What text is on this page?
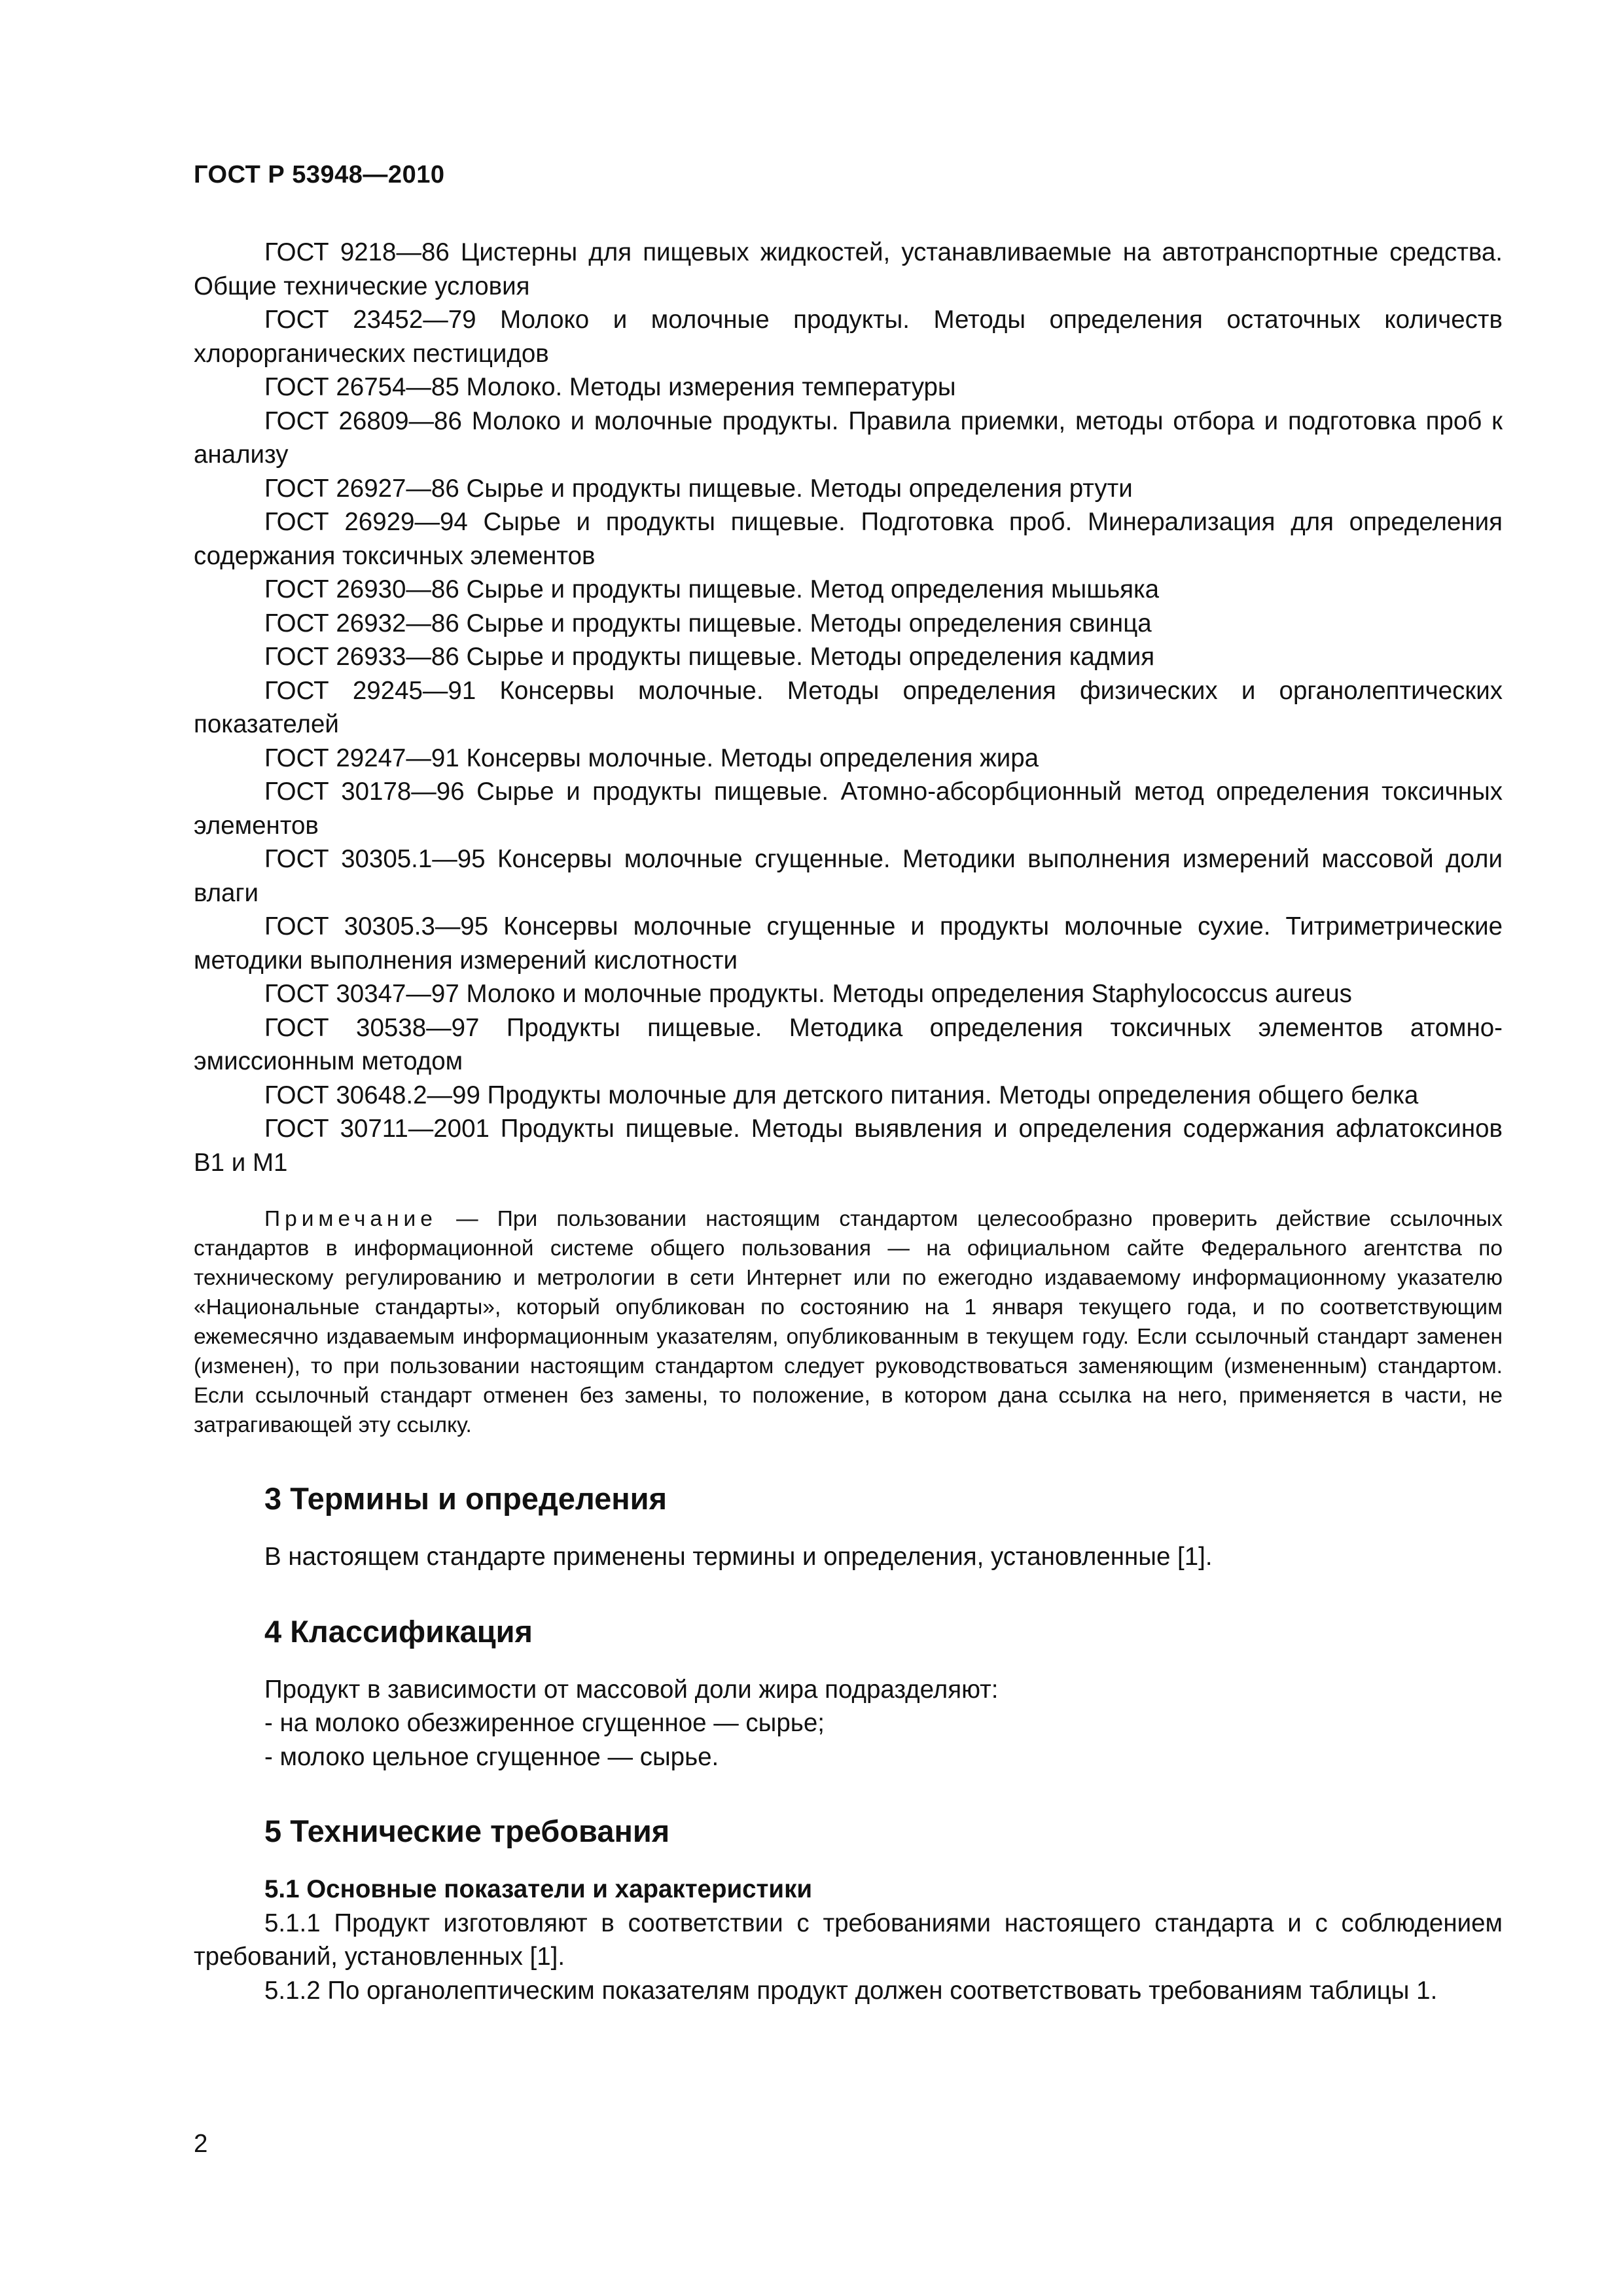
ГОСТ Р 53948—2010

ГОСТ 9218—86 Цистерны для пищевых жидкостей, устанавливаемые на автотранспортные средства. Общие технические условия

ГОСТ 23452—79 Молоко и молочные продукты. Методы определения остаточных количеств хлорорганических пестицидов

ГОСТ 26754—85 Молоко. Методы измерения температуры

ГОСТ 26809—86 Молоко и молочные продукты. Правила приемки, методы отбора и подготовка проб к анализу

ГОСТ 26927—86 Сырье и продукты пищевые. Методы определения ртути

ГОСТ 26929—94 Сырье и продукты пищевые. Подготовка проб. Минерализация для определения содержания токсичных элементов

ГОСТ 26930—86 Сырье и продукты пищевые. Метод определения мышьяка

ГОСТ 26932—86 Сырье и продукты пищевые. Методы определения свинца

ГОСТ 26933—86 Сырье и продукты пищевые. Методы определения кадмия

ГОСТ 29245—91 Консервы молочные. Методы определения физических и органолептических показателей

ГОСТ 29247—91 Консервы молочные. Методы определения жира

ГОСТ 30178—96 Сырье и продукты пищевые. Атомно-абсорбционный метод определения токсичных элементов

ГОСТ 30305.1—95 Консервы молочные сгущенные. Методики выполнения измерений массовой доли влаги

ГОСТ 30305.3—95 Консервы молочные сгущенные и продукты молочные сухие. Титриметрические методики выполнения измерений кислотности

ГОСТ 30347—97 Молоко и молочные продукты. Методы определения Staphylococcus aureus

ГОСТ 30538—97 Продукты пищевые. Методика определения токсичных элементов атомно-эмиссионным методом

ГОСТ 30648.2—99 Продукты молочные для детского питания. Методы определения общего белка

ГОСТ 30711—2001 Продукты пищевые. Методы выявления и определения содержания афлатоксинов В1 и М1

Примечание — При пользовании настоящим стандартом целесообразно проверить действие ссылочных стандартов в информационной системе общего пользования — на официальном сайте Федерального агентства по техническому регулированию и метрологии в сети Интернет или по ежегодно издаваемому информационному указателю «Национальные стандарты», который опубликован по состоянию на 1 января текущего года, и по соответствующим ежемесячно издаваемым информационным указателям, опубликованным в текущем году. Если ссылочный стандарт заменен (изменен), то при пользовании настоящим стандартом следует руководствоваться заменяющим (измененным) стандартом. Если ссылочный стандарт отменен без замены, то положение, в котором дана ссылка на него, применяется в части, не затрагивающей эту ссылку.

3 Термины и определения

В настоящем стандарте применены термины и определения, установленные [1].

4 Классификация

Продукт в зависимости от массовой доли жира подразделяют:

- на молоко обезжиренное сгущенное — сырье;
- молоко цельное сгущенное — сырье.
5 Технические требования
5.1 Основные показатели и характеристики

5.1.1 Продукт изготовляют в соответствии с требованиями настоящего стандарта и с соблюдением требований, установленных [1].

5.1.2 По органолептическим показателям продукт должен соответствовать требованиям таблицы 1.

2
